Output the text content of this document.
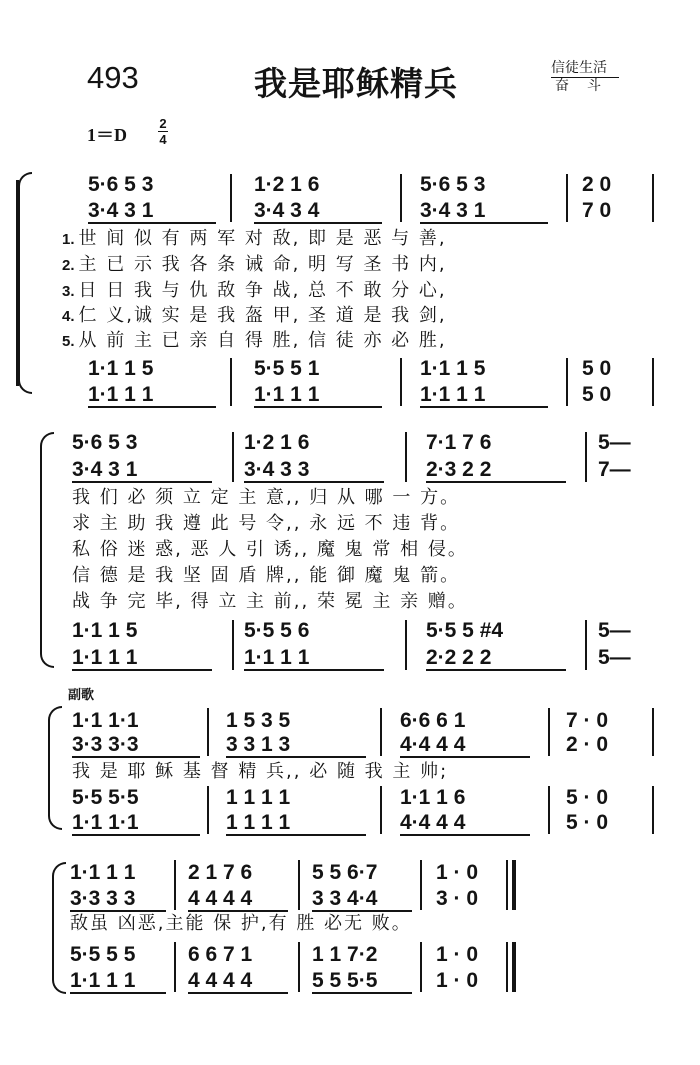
493	我是耶稣精兵	信徒生活
奋斗
1＝D
2
4
5·6 5 3	1·2 1 6	5·6 5 3	2 0
3·4 3 1	3·4 3 4	3·4 3 1	7 0
1. 世 间 似 有 两 军 对 敌, 即 是 恶 与 善,
2. 主 已 示 我 各 条 诫 命, 明 写 圣 书 内,
3. 日 日 我 与 仇 敌 争 战, 总 不 敢 分 心,
4. 仁 义,诚 实 是 我 盔 甲, 圣 道 是 我 剑,
5. 从 前 主 已 亲 自 得 胜, 信 徒 亦 必 胜,
1·1 1 5	5·5 5 1	1·1 1 5	5 0
1·1 1 1	1·1 1 1	1·1 1 1	5 0
5·6 5 3	1·2 1 6	7·1 7 6	5—
3·4 3 1	3·4 3 3	2·3 2 2	7—
我 们 必 须 立 定 主 意,, 归 从 哪 一 方。
求 主 助 我 遵 此 号 令,, 永 远 不 违 背。
私 俗 迷 惑, 恶 人 引 诱,, 魔 鬼 常 相 侵。
信 德 是 我 坚 固 盾 牌,, 能 御 魔 鬼 箭。
战 争 完 毕, 得 立 主 前,, 荣 冕 主 亲 赠。
1·1 1 5	5·5 5 6	5·5 5 #4	5—
1·1 1 1	1·1 1 1	2·2 2 2	5—
副歌
1·1 1·1	1 5 3 5	6·6 6 1	7 · 0
3·3 3·3	3 3 1 3	4·4 4 4	2 · 0
我 是 耶 稣 基 督 精 兵,, 必 随 我 主 帅;
5·5 5·5	1 1 1 1	1·1 1 6	5 · 0
1·1 1·1	1 1 1 1	4·4 4 4	5 · 0
1·1 1 1	2 1 7 6	5 5 6·7	1 · 0
3·3 3 3	4 4 4 4	3 3 4·4	3 · 0
敌虽 凶恶,主能 保 护,有 胜 必无 败。
5·5 5 5	6 6 7 1	1 1 7·2	1 · 0
1·1 1 1	4 4 4 4	5 5 5·5	1 · 0
